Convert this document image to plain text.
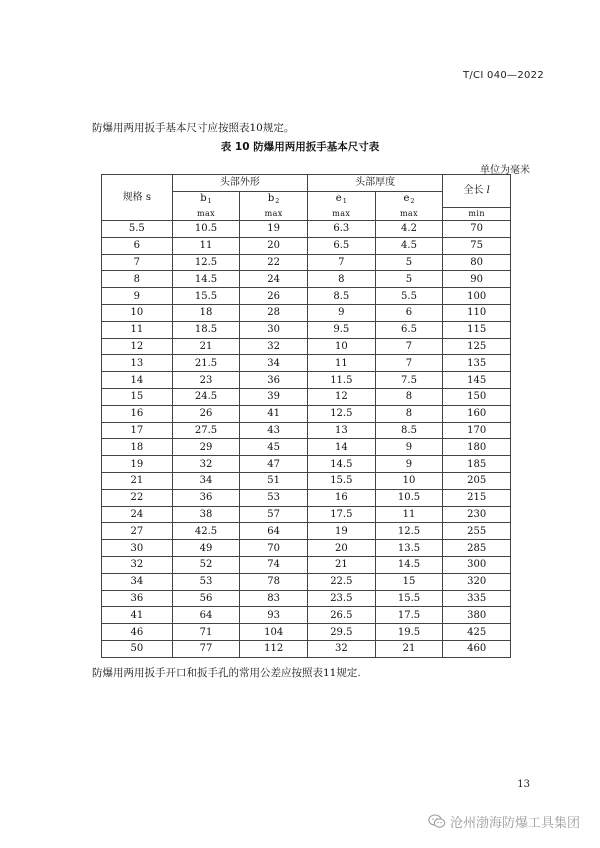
T/CI 040—2022
防爆用两用扳手基本尺寸应按照表10规定。
表 10 防爆用两用扳手基本尺寸表
单位为毫米
规格 s	头部外形		头部厚度		全长 l
	$b_1$	$b_2$	$e_1$	$e_2$
	max	max	max	max	min
5.5	10.5	19	6.3	4.2	70
6	11	20	6.5	4.5	75
7	12.5	22	7	5	80
8	14.5	24	8	5	90
9	15.5	26	8.5	5.5	100
10	18	28	9	6	110
11	18.5	30	9.5	6.5	115
12	21	32	10	7	125
13	21.5	34	11	7	135
14	23	36	11.5	7.5	145
15	24.5	39	12	8	150
16	26	41	12.5	8	160
17	27.5	43	13	8.5	170
18	29	45	14	9	180
19	32	47	14.5	9	185
21	34	51	15.5	10	205
22	36	53	16	10.5	215
24	38	57	17.5	11	230
27	42.5	64	19	12.5	255
30	49	70	20	13.5	285
32	52	74	21	14.5	300
34	53	78	22.5	15	320
36	56	83	23.5	15.5	335
41	64	93	26.5	17.5	380
46	71	104	29.5	19.5	425
50	77	112	32	21	460
防爆用两用扳手开口和扳手孔的常用公差应按照表11规定.
13
沧州渤海防爆工具集团
